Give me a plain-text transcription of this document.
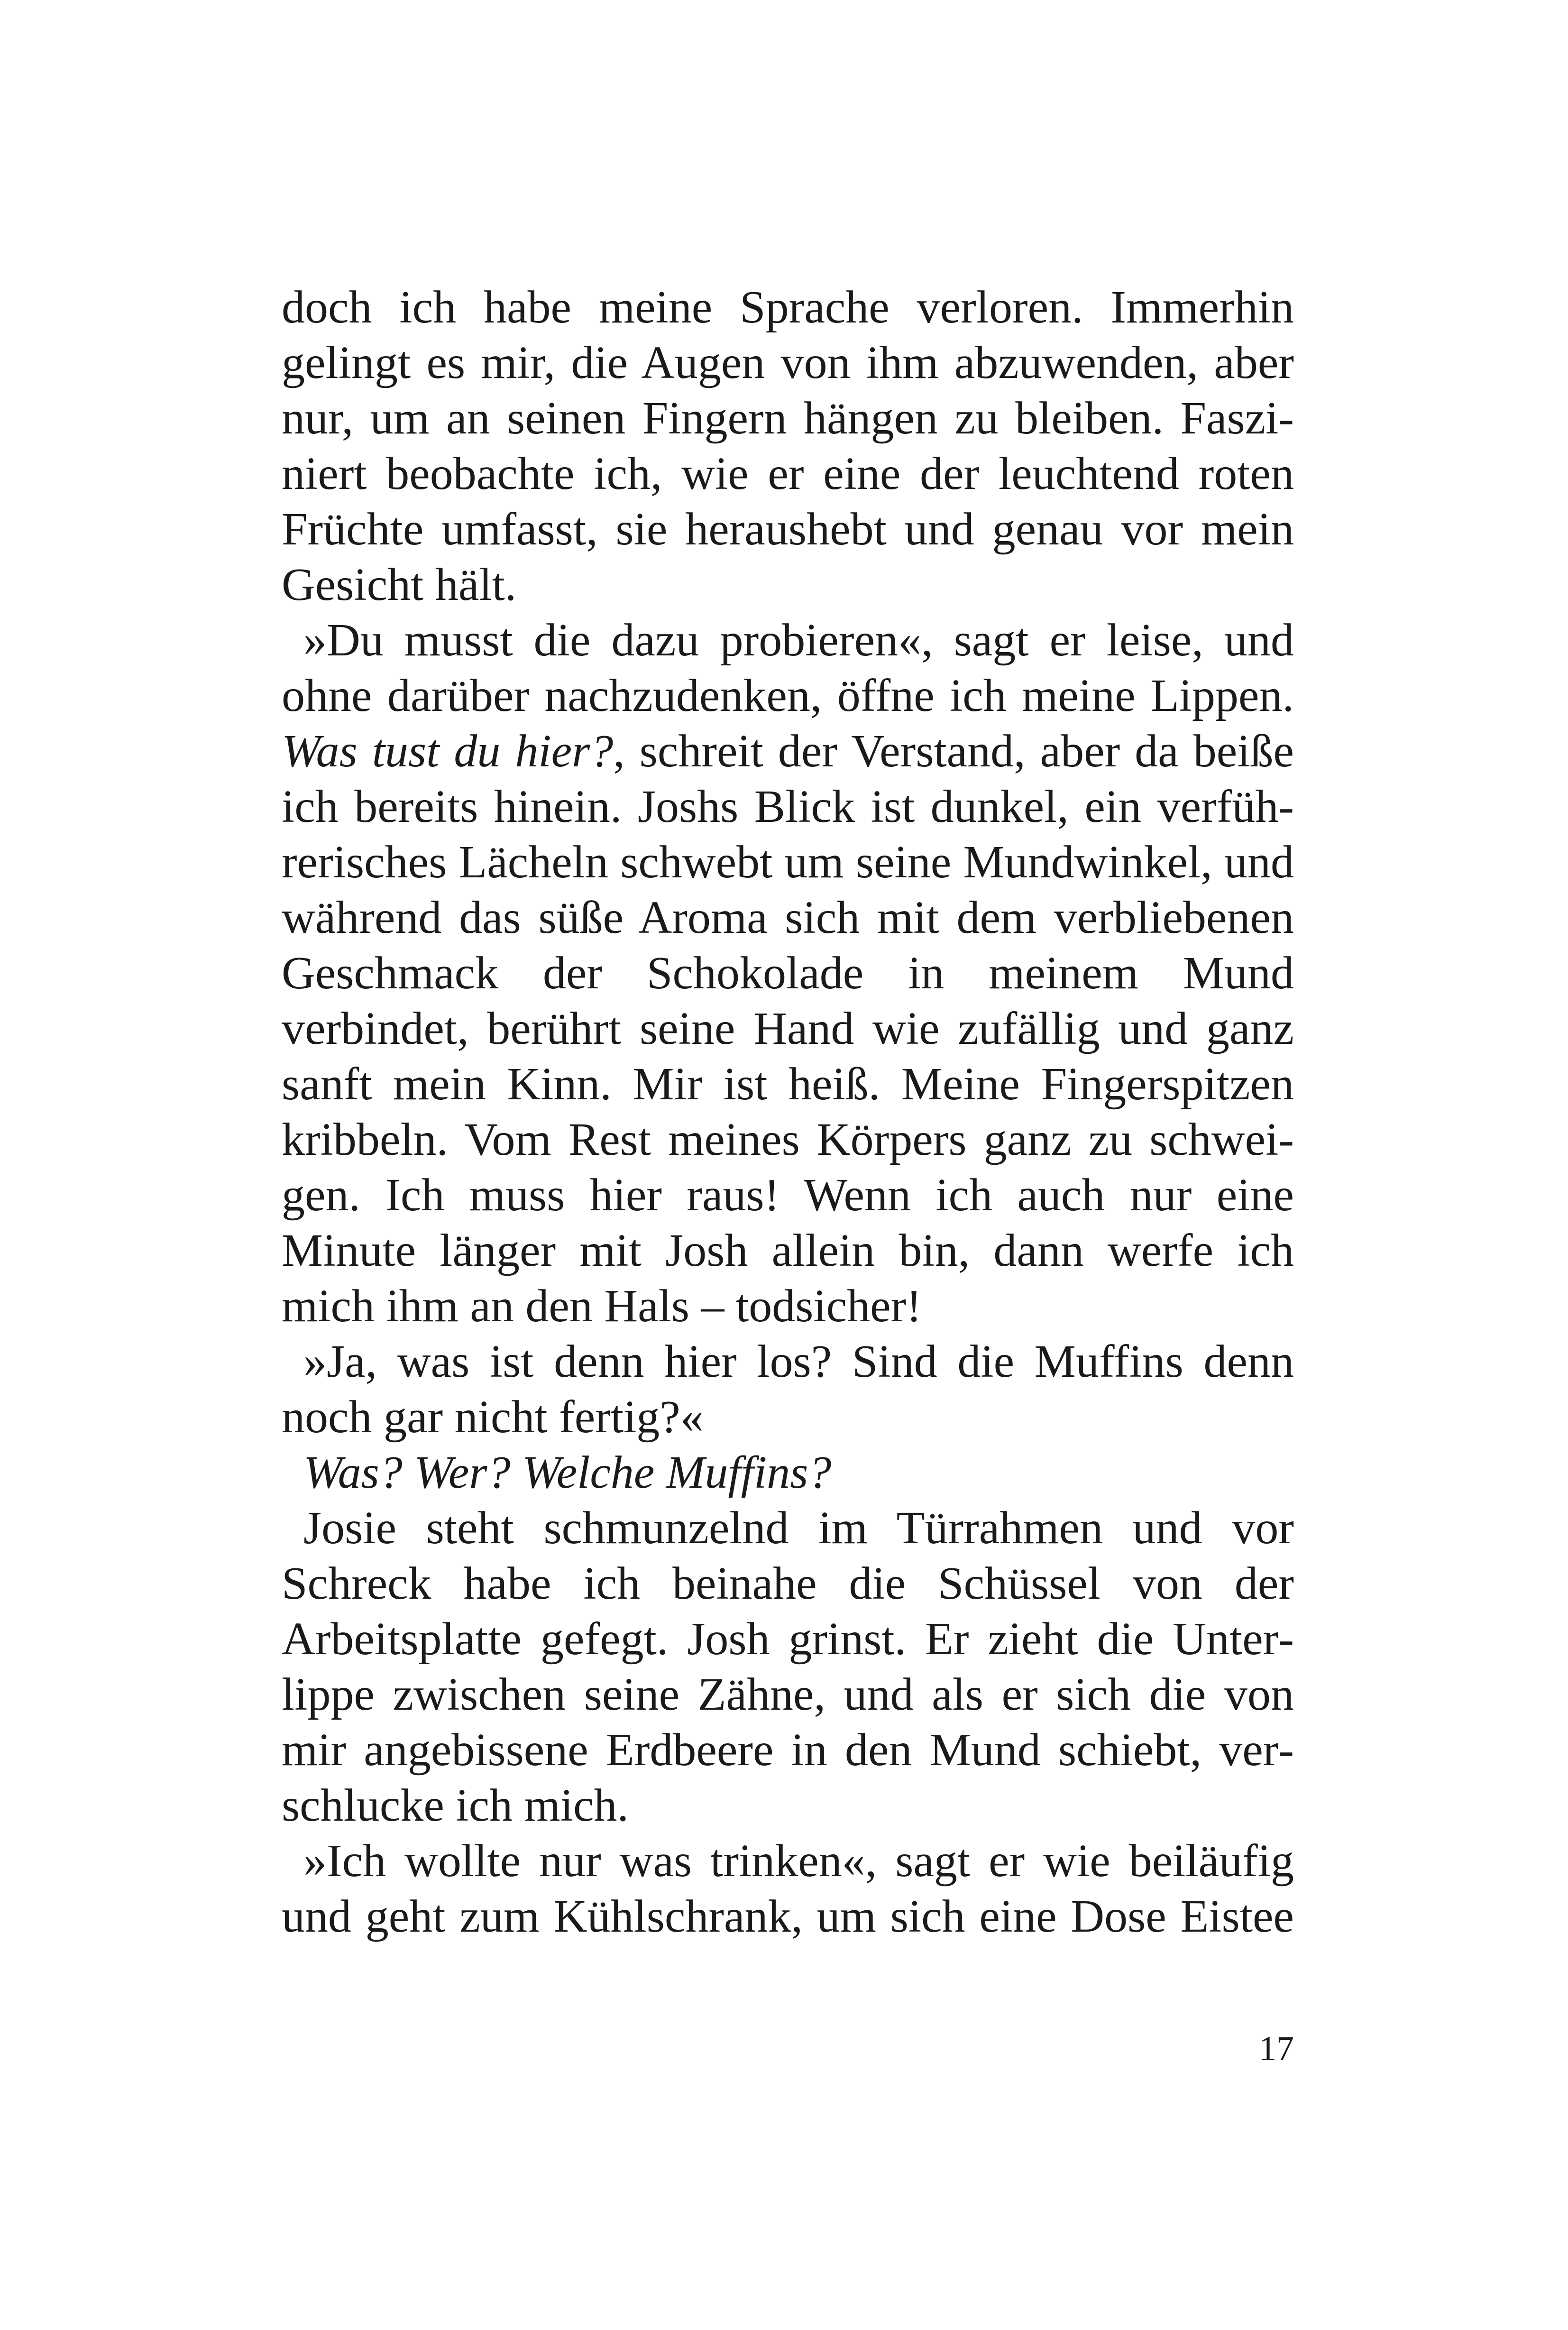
doch ich habe meine Sprache verloren. Immerhin gelingt es mir, die Augen von ihm abzuwenden, aber nur, um an seinen Fingern hängen zu bleiben. Fasziniert beobachte ich, wie er eine der leuchtend roten Früchte umfasst, sie heraushebt und genau vor mein Gesicht hält.

»Du musst die dazu probieren«, sagt er leise, und ohne darüber nachzudenken, öffne ich meine Lippen. Was tust du hier?, schreit der Verstand, aber da beiße ich bereits hinein. Joshs Blick ist dunkel, ein verführerisches Lächeln schwebt um seine Mundwinkel, und während das süße Aroma sich mit dem verbliebenen Geschmack der Schokolade in meinem Mund verbindet, berührt seine Hand wie zufällig und ganz sanft mein Kinn. Mir ist heiß. Meine Fingerspitzen kribbeln. Vom Rest meines Körpers ganz zu schweigen. Ich muss hier raus! Wenn ich auch nur eine Minute länger mit Josh allein bin, dann werfe ich mich ihm an den Hals – todsicher!

»Ja, was ist denn hier los? Sind die Muffins denn noch gar nicht fertig?«

Was? Wer? Welche Muffins?

Josie steht schmunzelnd im Türrahmen und vor Schreck habe ich beinahe die Schüssel von der Arbeitsplatte gefegt. Josh grinst. Er zieht die Unterlippe zwischen seine Zähne, und als er sich die von mir angebissene Erdbeere in den Mund schiebt, verschlucke ich mich.

»Ich wollte nur was trinken«, sagt er wie beiläufig und geht zum Kühlschrank, um sich eine Dose Eistee

17
